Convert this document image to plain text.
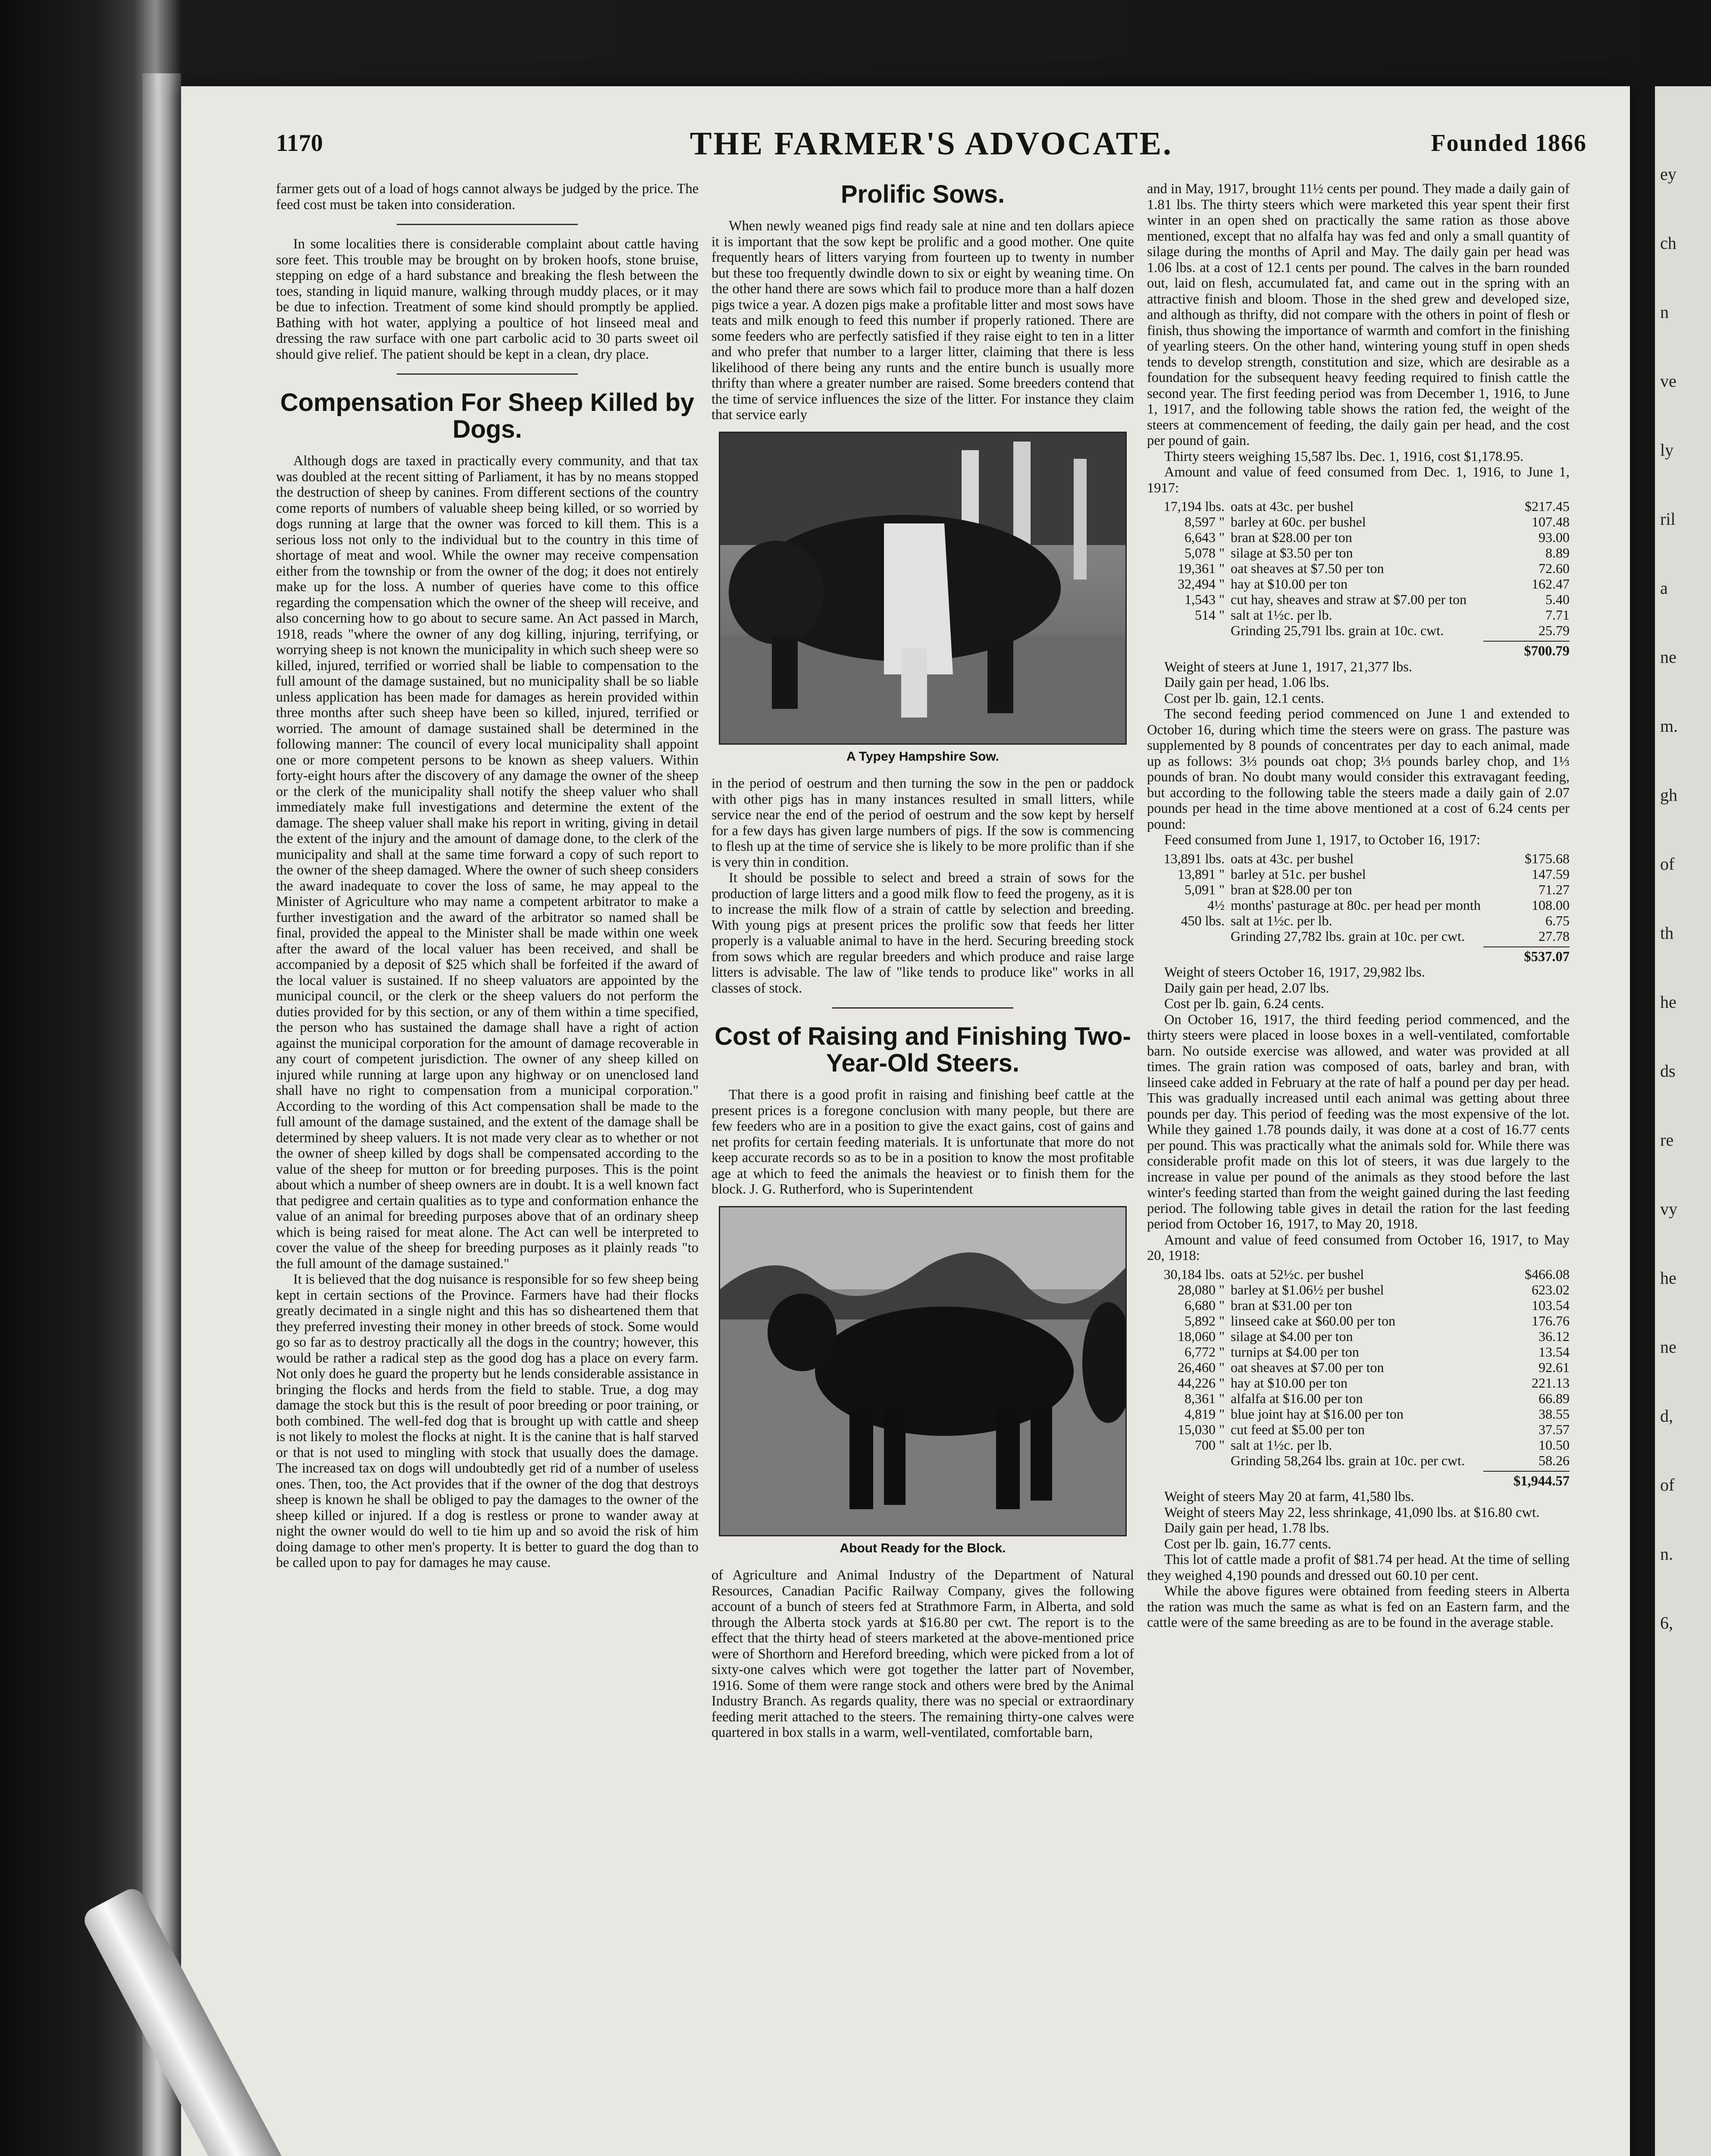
ey
ch
n
ve
ly
ril
a
ne
m.
gh
of
th
he
ds
re
vy
he
ne
d,
of
n.
6,
1170	THE FARMER'S ADVOCATE.	Founded 1866

farmer gets out of a load of hogs cannot always be judged by the price. The feed cost must be taken into consideration.

In some localities there is considerable complaint about cattle having sore feet. This trouble may be brought on by broken hoofs, stone bruise, stepping on edge of a hard substance and breaking the flesh between the toes, standing in liquid manure, walking through muddy places, or it may be due to infection. Treatment of some kind should promptly be applied. Bathing with hot water, applying a poultice of hot linseed meal and dressing the raw surface with one part carbolic acid to 30 parts sweet oil should give relief. The patient should be kept in a clean, dry place.

Compensation For Sheep Killed by Dogs.

Although dogs are taxed in practically every community, and that tax was doubled at the recent sitting of Parliament, it has by no means stopped the destruction of sheep by canines. From different sections of the country come reports of numbers of valuable sheep being killed, or so worried by dogs running at large that the owner was forced to kill them. This is a serious loss not only to the individual but to the country in this time of shortage of meat and wool. While the owner may receive compensation either from the township or from the owner of the dog; it does not entirely make up for the loss. A number of queries have come to this office regarding the compensation which the owner of the sheep will receive, and also concerning how to go about to secure same. An Act passed in March, 1918, reads "where the owner of any dog killing, injuring, terrifying, or worrying sheep is not known the municipality in which such sheep were so killed, injured, terrified or worried shall be liable to compensation to the full amount of the damage sustained, but no municipality shall be so liable unless application has been made for damages as herein provided within three months after such sheep have been so killed, injured, terrified or worried. The amount of damage sustained shall be determined in the following manner: The council of every local municipality shall appoint one or more competent persons to be known as sheep valuers. Within forty-eight hours after the discovery of any damage the owner of the sheep or the clerk of the municipality shall notify the sheep valuer who shall immediately make full investigations and determine the extent of the damage. The sheep valuer shall make his report in writing, giving in detail the extent of the injury and the amount of damage done, to the clerk of the municipality and shall at the same time forward a copy of such report to the owner of the sheep damaged. Where the owner of such sheep considers the award inadequate to cover the loss of same, he may appeal to the Minister of Agriculture who may name a competent arbitrator to make a further investigation and the award of the arbitrator so named shall be final, provided the appeal to the Minister shall be made within one week after the award of the local valuer has been received, and shall be accompanied by a deposit of $25 which shall be forfeited if the award of the local valuer is sustained. If no sheep valuators are appointed by the municipal council, or the clerk or the sheep valuers do not perform the duties provided for by this section, or any of them within a time specified, the person who has sustained the damage shall have a right of action against the municipal corporation for the amount of damage recoverable in any court of competent jurisdiction. The owner of any sheep killed on injured while running at large upon any highway or on unenclosed land shall have no right to compensation from a municipal corporation." According to the wording of this Act compensation shall be made to the full amount of the damage sustained, and the extent of the damage shall be determined by sheep valuers. It is not made very clear as to whether or not the owner of sheep killed by dogs shall be compensated according to the value of the sheep for mutton or for breeding purposes. This is the point about which a number of sheep owners are in doubt. It is a well known fact that pedigree and certain qualities as to type and conformation enhance the value of an animal for breeding purposes above that of an ordinary sheep which is being raised for meat alone. The Act can well be interpreted to cover the value of the sheep for breeding purposes as it plainly reads "to the full amount of the damage sustained."

It is believed that the dog nuisance is responsible for so few sheep being kept in certain sections of the Province. Farmers have had their flocks greatly decimated in a single night and this has so disheartened them that they preferred investing their money in other breeds of stock. Some would go so far as to destroy practically all the dogs in the country; however, this would be rather a radical step as the good dog has a place on every farm. Not only does he guard the property but he lends considerable assistance in bringing the flocks and herds from the field to stable. True, a dog may damage the stock but this is the result of poor breeding or poor training, or both combined. The well-fed dog that is brought up with cattle and sheep is not likely to molest the flocks at night. It is the canine that is half starved or that is not used to mingling with stock that usually does the damage. The increased tax on dogs will undoubtedly get rid of a number of useless ones. Then, too, the Act provides that if the owner of the dog that destroys sheep is known he shall be obliged to pay the damages to the owner of the sheep killed or injured. If a dog is restless or prone to wander away at night the owner would do well to tie him up and so avoid the risk of him doing damage to other men's property. It is better to guard the dog than to be called upon to pay for damages he may cause.

Prolific Sows.

When newly weaned pigs find ready sale at nine and ten dollars apiece it is important that the sow kept be prolific and a good mother. One quite frequently hears of litters varying from fourteen up to twenty in number but these too frequently dwindle down to six or eight by weaning time. On the other hand there are sows which fail to produce more than a half dozen pigs twice a year. A dozen pigs make a profitable litter and most sows have teats and milk enough to feed this number if properly rationed. There are some feeders who are perfectly satisfied if they raise eight to ten in a litter and who prefer that number to a larger litter, claiming that there is less likelihood of there being any runts and the entire bunch is usually more thrifty than where a greater number are raised. Some breeders contend that the time of service influences the size of the litter. For instance they claim that service early

A Typey Hampshire Sow.

in the period of oestrum and then turning the sow in the pen or paddock with other pigs has in many instances resulted in small litters, while service near the end of the period of oestrum and the sow kept by herself for a few days has given large numbers of pigs. If the sow is commencing to flesh up at the time of service she is likely to be more prolific than if she is very thin in condition.

It should be possible to select and breed a strain of sows for the production of large litters and a good milk flow to feed the progeny, as it is to increase the milk flow of a strain of cattle by selection and breeding. With young pigs at present prices the prolific sow that feeds her litter properly is a valuable animal to have in the herd. Securing breeding stock from sows which are regular breeders and which produce and raise large litters is advisable. The law of "like tends to produce like" works in all classes of stock.

Cost of Raising and Finishing Two-Year-Old Steers.

That there is a good profit in raising and finishing beef cattle at the present prices is a foregone conclusion with many people, but there are few feeders who are in a position to give the exact gains, cost of gains and net profits for certain feeding materials. It is unfortunate that more do not keep accurate records so as to be in a position to know the most profitable age at which to feed the animals the heaviest or to finish them for the block. J. G. Rutherford, who is Superintendent

About Ready for the Block.

of Agriculture and Animal Industry of the Department of Natural Resources, Canadian Pacific Railway Company, gives the following account of a bunch of steers fed at Strathmore Farm, in Alberta, and sold through the Alberta stock yards at $16.80 per cwt. The report is to the effect that the thirty head of steers marketed at the above-mentioned price were of Shorthorn and Hereford breeding, which were picked from a lot of sixty-one calves which were got together the latter part of November, 1916. Some of them were range stock and others were bred by the Animal Industry Branch. As regards quality, there was no special or extraordinary feeding merit attached to the steers. The remaining thirty-one calves were quartered in box stalls in a warm, well-ventilated, comfortable barn,

and in May, 1917, brought 11½ cents per pound. They made a daily gain of 1.81 lbs. The thirty steers which were marketed this year spent their first winter in an open shed on practically the same ration as those above mentioned, except that no alfalfa hay was fed and only a small quantity of silage during the months of April and May. The daily gain per head was 1.06 lbs. at a cost of 12.1 cents per pound. The calves in the barn rounded out, laid on flesh, accumulated fat, and came out in the spring with an attractive finish and bloom. Those in the shed grew and developed size, and although as thrifty, did not compare with the others in point of flesh or finish, thus showing the importance of warmth and comfort in the finishing of yearling steers. On the other hand, wintering young stuff in open sheds tends to develop strength, constitution and size, which are desirable as a foundation for the subsequent heavy feeding required to finish cattle the second year. The first feeding period was from December 1, 1916, to June 1, 1917, and the following table shows the ration fed, the weight of the steers at commencement of feeding, the daily gain per head, and the cost per pound of gain.

Thirty steers weighing 15,587 lbs. Dec. 1, 1916, cost $1,178.95.

Amount and value of feed consumed from Dec. 1, 1916, to June 1, 1917:

17,194 lbs.	oats at 43c. per bushel	$217.45
8,597 "	barley at 60c. per bushel	107.48
6,643 "	bran at $28.00 per ton	93.00
5,078 "	silage at $3.50 per ton	8.89
19,361 "	oat sheaves at $7.50 per ton	72.60
32,494 "	hay at $10.00 per ton	162.47
1,543 "	cut hay, sheaves and straw at $7.00 per ton	5.40
514 "	salt at 1½c. per lb.	7.71
	Grinding 25,791 lbs. grain at 10c. cwt.	25.79
$700.79
Weight of steers at June 1, 1917, 21,377 lbs.
Daily gain per head, 1.06 lbs.
Cost per lb. gain, 12.1 cents.

The second feeding period commenced on June 1 and extended to October 16, during which time the steers were on grass. The pasture was supplemented by 8 pounds of concentrates per day to each animal, made up as follows: 3⅓ pounds oat chop; 3⅓ pounds barley chop, and 1⅓ pounds of bran. No doubt many would consider this extravagant feeding, but according to the following table the steers made a daily gain of 2.07 pounds per head in the time above mentioned at a cost of 6.24 cents per pound:

Feed consumed from June 1, 1917, to October 16, 1917:

13,891 lbs.	oats at 43c. per bushel	$175.68
13,891 "	barley at 51c. per bushel	147.59
5,091 "	bran at $28.00 per ton	71.27
4½	months' pasturage at 80c. per head per month	108.00
450 lbs.	salt at 1½c. per lb.	6.75
	Grinding 27,782 lbs. grain at 10c. per cwt.	27.78
$537.07
Weight of steers October 16, 1917, 29,982 lbs.
Daily gain per head, 2.07 lbs.
Cost per lb. gain, 6.24 cents.

On October 16, 1917, the third feeding period commenced, and the thirty steers were placed in loose boxes in a well-ventilated, comfortable barn. No outside exercise was allowed, and water was provided at all times. The grain ration was composed of oats, barley and bran, with linseed cake added in February at the rate of half a pound per day per head. This was gradually increased until each animal was getting about three pounds per day. This period of feeding was the most expensive of the lot. While they gained 1.78 pounds daily, it was done at a cost of 16.77 cents per pound. This was practically what the animals sold for. While there was considerable profit made on this lot of steers, it was due largely to the increase in value per pound of the animals as they stood before the last winter's feeding started than from the weight gained during the last feeding period. The following table gives in detail the ration for the last feeding period from October 16, 1917, to May 20, 1918.

Amount and value of feed consumed from October 16, 1917, to May 20, 1918:

30,184 lbs.	oats at 52½c. per bushel	$466.08
28,080 "	barley at $1.06½ per bushel	623.02
6,680 "	bran at $31.00 per ton	103.54
5,892 "	linseed cake at $60.00 per ton	176.76
18,060 "	silage at $4.00 per ton	36.12
6,772 "	turnips at $4.00 per ton	13.54
26,460 "	oat sheaves at $7.00 per ton	92.61
44,226 "	hay at $10.00 per ton	221.13
8,361 "	alfalfa at $16.00 per ton	66.89
4,819 "	blue joint hay at $16.00 per ton	38.55
15,030 "	cut feed at $5.00 per ton	37.57
700 "	salt at 1½c. per lb.	10.50
	Grinding 58,264 lbs. grain at 10c. per cwt.	58.26
$1,944.57
Weight of steers May 20 at farm, 41,580 lbs.
Weight of steers May 22, less shrinkage, 41,090 lbs. at $16.80 cwt.
Daily gain per head, 1.78 lbs.
Cost per lb. gain, 16.77 cents.

This lot of cattle made a profit of $81.74 per head. At the time of selling they weighed 4,190 pounds and dressed out 60.10 per cent.

While the above figures were obtained from feeding steers in Alberta the ration was much the same as what is fed on an Eastern farm, and the cattle were of the same breeding as are to be found in the average stable.
